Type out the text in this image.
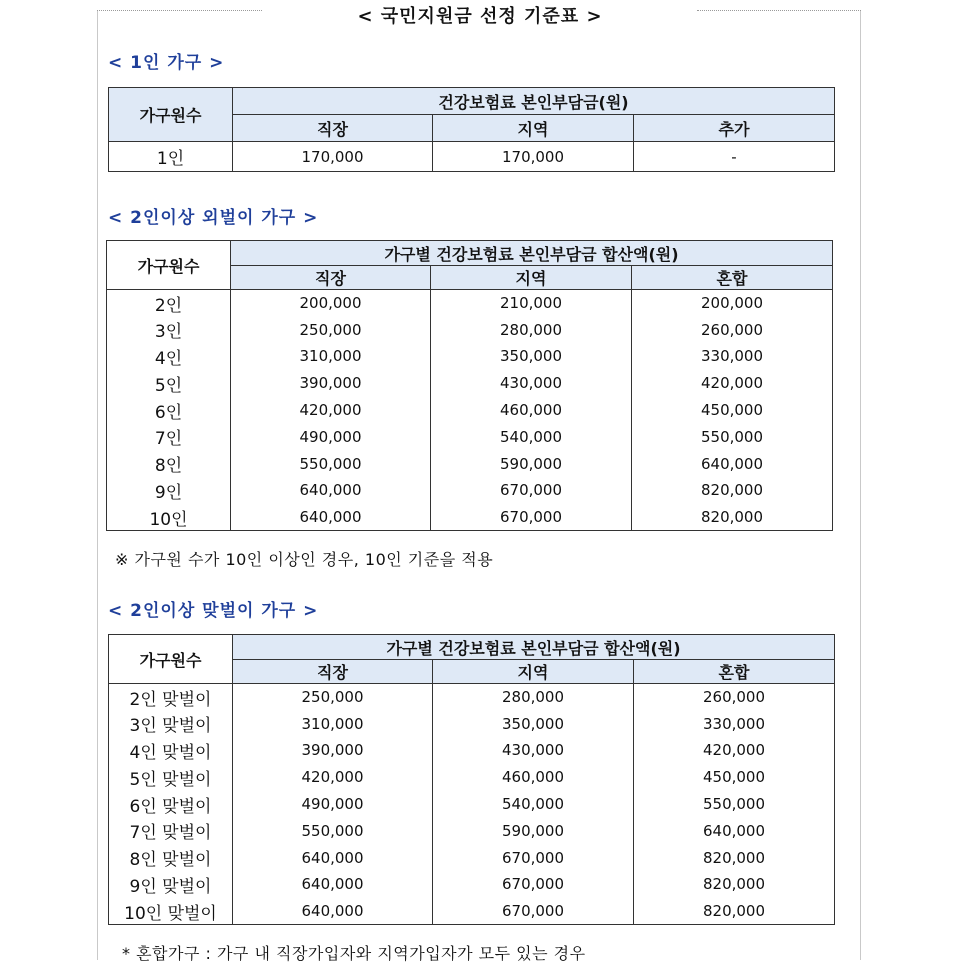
< 국민지원금 선정 기준표 >
< 1인 가구 >
가구원수	건강보험료 본인부담금(원)		
	직장	지역	추가
1인	170,000	170,000	-
< 2인이상 외벌이 가구 >
가구원수	가구별 건강보험료 본인부담금 합산액(원)		
	직장	지역	혼합
2인	200,000	210,000	200,000
3인	250,000	280,000	260,000
4인	310,000	350,000	330,000
5인	390,000	430,000	420,000
6인	420,000	460,000	450,000
7인	490,000	540,000	550,000
8인	550,000	590,000	640,000
9인	640,000	670,000	820,000
10인	640,000	670,000	820,000
※ 가구원 수가 10인 이상인 경우, 10인 기준을 적용
< 2인이상 맞벌이 가구 >
가구원수	가구별 건강보험료 본인부담금 합산액(원)		
	직장	지역	혼합
2인 맞벌이	250,000	280,000	260,000
3인 맞벌이	310,000	350,000	330,000
4인 맞벌이	390,000	430,000	420,000
5인 맞벌이	420,000	460,000	450,000
6인 맞벌이	490,000	540,000	550,000
7인 맞벌이	550,000	590,000	640,000
8인 맞벌이	640,000	670,000	820,000
9인 맞벌이	640,000	670,000	820,000
10인 맞벌이	640,000	670,000	820,000
* 혼합가구 : 가구 내 직장가입자와 지역가입자가 모두 있는 경우
